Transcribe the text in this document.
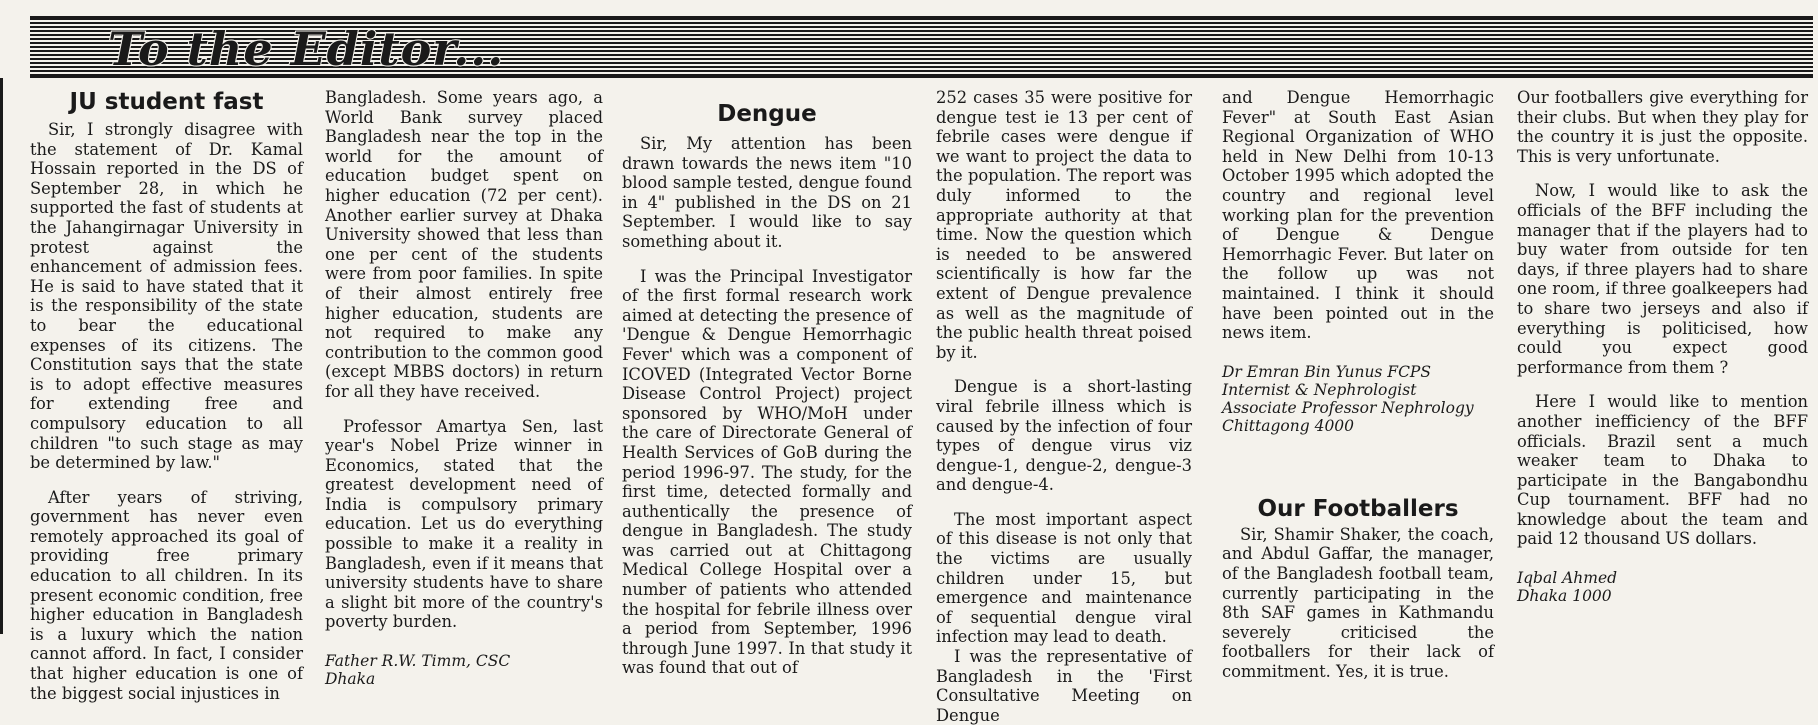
To the Editor...
JU student fast

Sir, I strongly disagree with the statement of Dr. Kamal Hossain reported in the DS of September 28, in which he supported the fast of students at the Jahangirnagar University in protest against the enhancement of admission fees. He is said to have stated that it is the responsibility of the state to bear the educational expenses of its citizens. The Constitution says that the state is to adopt effective measures for extending free and compulsory education to all children "to such stage as may be determined by law."

After years of striving, government has never even remotely approached its goal of providing free primary education to all children. In its present economic condition, free higher education in Bangladesh is a luxury which the nation cannot afford. In fact, I consider that higher education is one of the biggest social injustices in

Bangladesh. Some years ago, a World Bank survey placed Bangladesh near the top in the world for the amount of education budget spent on higher education (72 per cent). Another earlier survey at Dhaka University showed that less than one per cent of the students were from poor families. In spite of their almost entirely free higher education, students are not required to make any contribution to the common good (except MBBS doctors) in return for all they have received.

Professor Amartya Sen, last year's Nobel Prize winner in Economics, stated that the greatest development need of India is compulsory primary education. Let us do everything possible to make it a reality in Bangladesh, even if it means that university students have to share a slight bit more of the country's poverty burden.

Father R.W. Timm, CSC
Dhaka
Dengue

Sir, My attention has been drawn towards the news item "10 blood sample tested, dengue found in 4" published in the DS on 21 September. I would like to say something about it.

I was the Principal Investigator of the first formal research work aimed at detecting the presence of 'Dengue & Dengue Hemorrhagic Fever' which was a component of ICOVED (Integrated Vector Borne Disease Control Project) project sponsored by WHO/MoH under the care of Directorate General of Health Services of GoB during the period 1996-97. The study, for the first time, detected formally and authentically the presence of dengue in Bangladesh. The study was carried out at Chittagong Medical College Hospital over a number of patients who attended the hospital for febrile illness over a period from September, 1996 through June 1997. In that study it was found that out of

252 cases 35 were positive for dengue test ie 13 per cent of febrile cases were dengue if we want to project the data to the population. The report was duly informed to the appropriate authority at that time. Now the question which is needed to be answered scientifically is how far the extent of Dengue prevalence as well as the magnitude of the public health threat poised by it.

Dengue is a short-lasting viral febrile illness which is caused by the infection of four types of dengue virus viz dengue-1, dengue-2, dengue-3 and dengue-4.

The most important aspect of this disease is not only that the victims are usually children under 15, but emergence and maintenance of sequential dengue viral infection may lead to death.

I was the representative of Bangladesh in the 'First Consultative Meeting on Dengue

and Dengue Hemorrhagic Fever" at South East Asian Regional Organization of WHO held in New Delhi from 10-13 October 1995 which adopted the country and regional level working plan for the prevention of Dengue & Dengue Hemorrhagic Fever. But later on the follow up was not maintained. I think it should have been pointed out in the news item.

Dr Emran Bin Yunus FCPS
Internist & Nephrologist
Associate Professor Nephrology
Chittagong 4000
Our Footballers

Sir, Shamir Shaker, the coach, and Abdul Gaffar, the manager, of the Bangladesh football team, currently participating in the 8th SAF games in Kathmandu severely criticised the footballers for their lack of commitment. Yes, it is true.

Our footballers give everything for their clubs. But when they play for the country it is just the opposite. This is very unfortunate.

Now, I would like to ask the officials of the BFF including the manager that if the players had to buy water from outside for ten days, if three players had to share one room, if three goalkeepers had to share two jerseys and also if everything is politicised, how could you expect good performance from them ?

Here I would like to mention another inefficiency of the BFF officials. Brazil sent a much weaker team to Dhaka to participate in the Bangabondhu Cup tournament. BFF had no knowledge about the team and paid 12 thousand US dollars.

Iqbal Ahmed
Dhaka 1000
